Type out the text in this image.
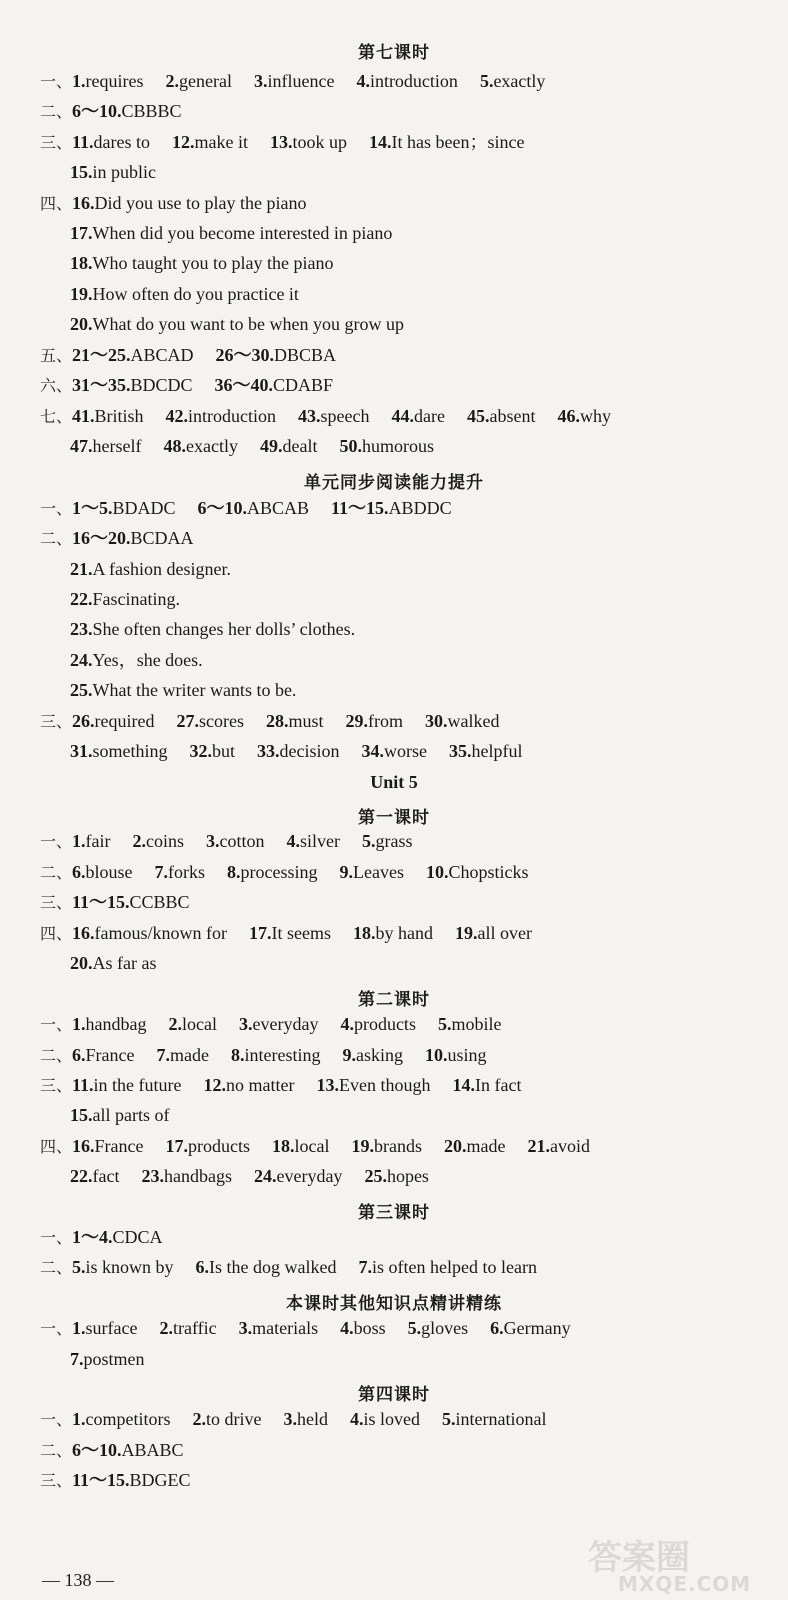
第七课时
单元同步阅读能力提升
Unit 5
第一课时
第二课时
第三课时
本课时其他知识点精讲精练
第四课时
一、1.requires 2.general 3.influence 4.introduction 5.exactly
二、6～10.CBBBC
三、11.dares to 12.make it 13.took up 14.It has been；since
15.in public
四、16.Did you use to play the piano
17.When did you become interested in piano
18.Who taught you to play the piano
19.How often do you practice it
20.What do you want to be when you grow up
五、21～25.ABCAD 26～30.DBCBA
六、31～35.BDCDC 36～40.CDABF
七、41.British 42.introduction 43.speech 44.dare 45.absent 46.why
47.herself 48.exactly 49.dealt 50.humorous
一、1～5.BDADC 6～10.ABCAB 11～15.ABDDC
二、16～20.BCDAA
21.A fashion designer.
22.Fascinating.
23.She often changes her dolls’ clothes.
24.Yes，she does.
25.What the writer wants to be.
三、26.required 27.scores 28.must 29.from 30.walked
31.something 32.but 33.decision 34.worse 35.helpful
一、1.fair 2.coins 3.cotton 4.silver 5.grass
二、6.blouse 7.forks 8.processing 9.Leaves 10.Chopsticks
三、11～15.CCBBC
四、16.famous/known for 17.It seems 18.by hand 19.all over
20.As far as
一、1.handbag 2.local 3.everyday 4.products 5.mobile
二、6.France 7.made 8.interesting 9.asking 10.using
三、11.in the future 12.no matter 13.Even though 14.In fact
15.all parts of
四、16.France 17.products 18.local 19.brands 20.made 21.avoid
22.fact 23.handbags 24.everyday 25.hopes
一、1～4.CDCA
二、5.is known by 6.Is the dog walked 7.is often helped to learn
一、1.surface 2.traffic 3.materials 4.boss 5.gloves 6.Germany
7.postmen
一、1.competitors 2.to drive 3.held 4.is loved 5.international
二、6～10.ABABC
三、11～15.BDGEC
— 138 —
答案圈
MXQE.COM
